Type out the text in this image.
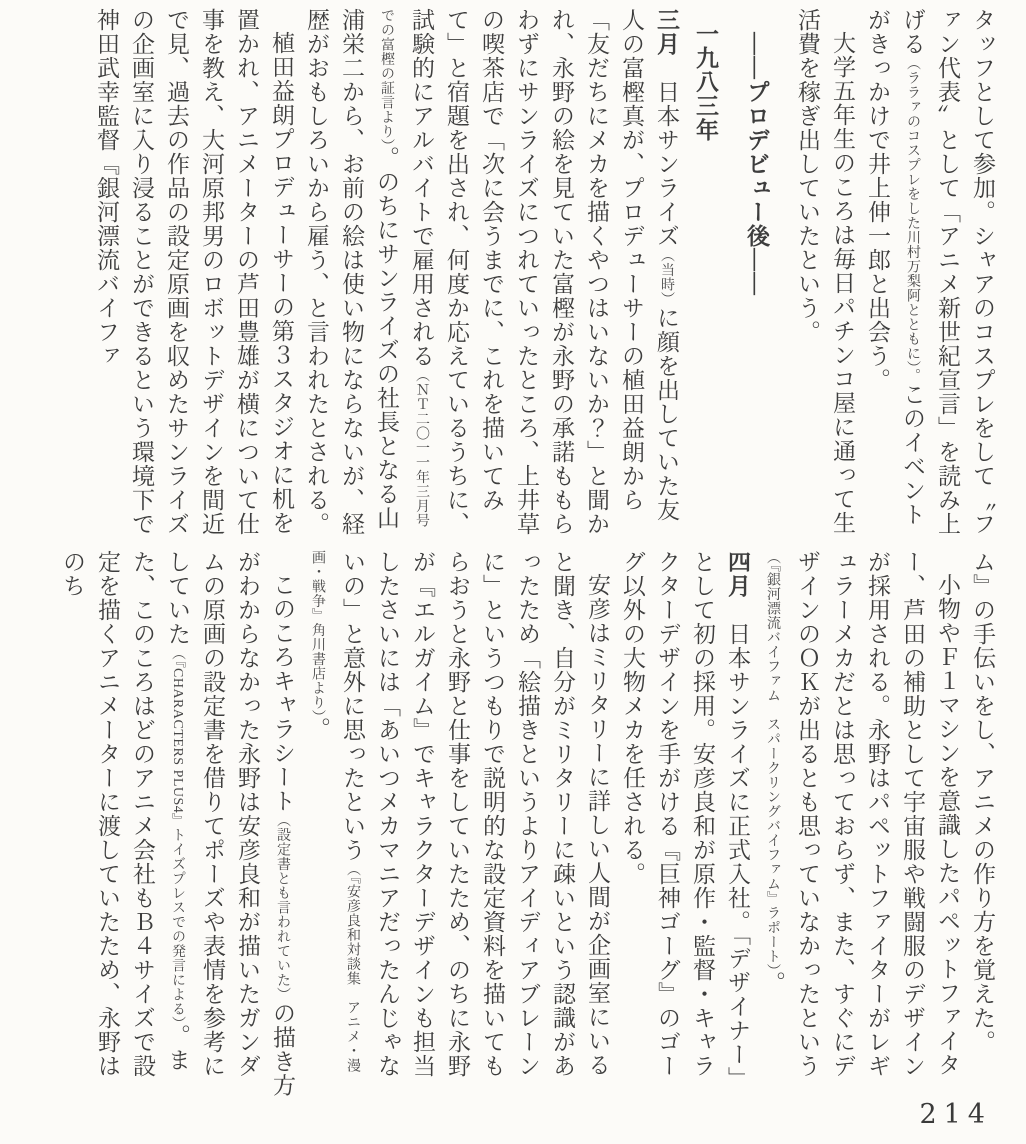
タッフとして参加。シャアのコスプレをして〝ファン代表〟として「アニメ新世紀宣言」を読み上げる（ララァのコスプレをした川村万梨阿とともに）。このイベントがきっかけで井上伸一郎と出会う。

大学五年生のころは毎日パチンコ屋に通って生活費を稼ぎ出していたという。

――プロデビュー後――

一九八三年

三月　日本サンライズ（当時）に顔を出していた友人の富樫真が、プロデューサーの植田益朗から「友だちにメカを描くやつはいないか？」と聞かれ、永野の絵を見ていた富樫が永野の承諾ももらわずにサンライズにつれていったところ、上井草の喫茶店で「次に会うまでに、これを描いてみて」と宿題を出され、何度か応えているうちに、試験的にアルバイトで雇用される（ＮＴ二〇一一年三月号での富樫の証言より）。のちにサンライズの社長となる山浦栄二から、お前の絵は使い物にならないが、経歴がおもしろいから雇う、と言われたとされる。

植田益朗プロデューサーの第３スタジオに机を置かれ、アニメーターの芦田豊雄が横について仕事を教え、大河原邦男のロボットデザインを間近で見、過去の作品の設定原画を収めたサンライズの企画室に入り浸ることができるという環境下で神田武幸監督『銀河漂流バイファ

ム』の手伝いをし、アニメの作り方を覚えた。

小物やＦ１マシンを意識したパペットファイター、芦田の補助として宇宙服や戦闘服のデザインが採用される。永野はパペットファイターがレギュラーメカだとは思っておらず、また、すぐにデザインのＯＫが出るとも思っていなかったという（『銀河漂流バイファム　スパークリングバイファム』ラポート）。

四月　日本サンライズに正式入社。「デザイナー」として初の採用。安彦良和が原作・監督・キャラクターデザインを手がける『巨神ゴーグ』のゴーグ以外の大物メカを任される。

安彦はミリタリーに詳しい人間が企画室にいると聞き、自分がミリタリーに疎いという認識があったため「絵描きというよりアイディアブレーンに」というつもりで説明的な設定資料を描いてもらおうと永野と仕事をしていたため、のちに永野が『エルガイム』でキャラクターデザインも担当したさいには「あいつメカマニアだったんじゃないの」と意外に思ったという（『安彦良和対談集　アニメ・漫画・戦争』角川書店より）。

このころキャラシート（設定書とも言われていた）の描き方がわからなかった永野は安彦良和が描いたガンダムの原画の設定書を借りてポーズや表情を参考にしていた（『CHARACTERS PLUS4』トイズプレスでの発言による）。また、このころはどのアニメ会社もＢ４サイズで設定を描くアニメーターに渡していたため、永野はのち

214
